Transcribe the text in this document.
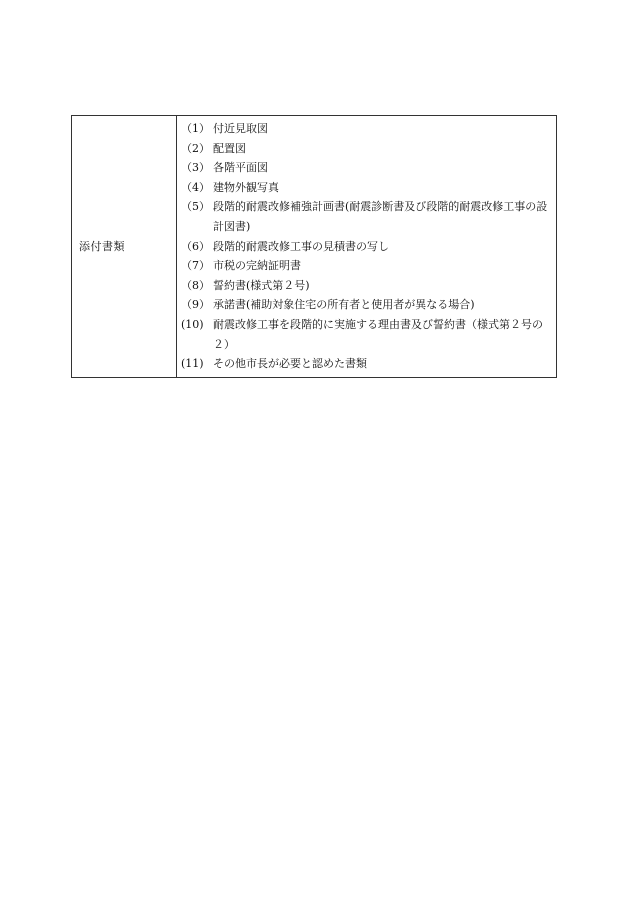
添付書類	
（1） 付近見取図
（2） 配置図
（3） 各階平面図
（4） 建物外観写真
（5） 段階的耐震改修補強計画書(耐震診断書及び段階的耐震改修工事の設計図書)
（6） 段階的耐震改修工事の見積書の写し
（7） 市税の完納証明書
（8） 誓約書(様式第２号)
（9） 承諾書(補助対象住宅の所有者と使用者が異なる場合)
(10) 耐震改修工事を段階的に実施する理由書及び誓約書（様式第２号の２）
(11) その他市長が必要と認めた書類
